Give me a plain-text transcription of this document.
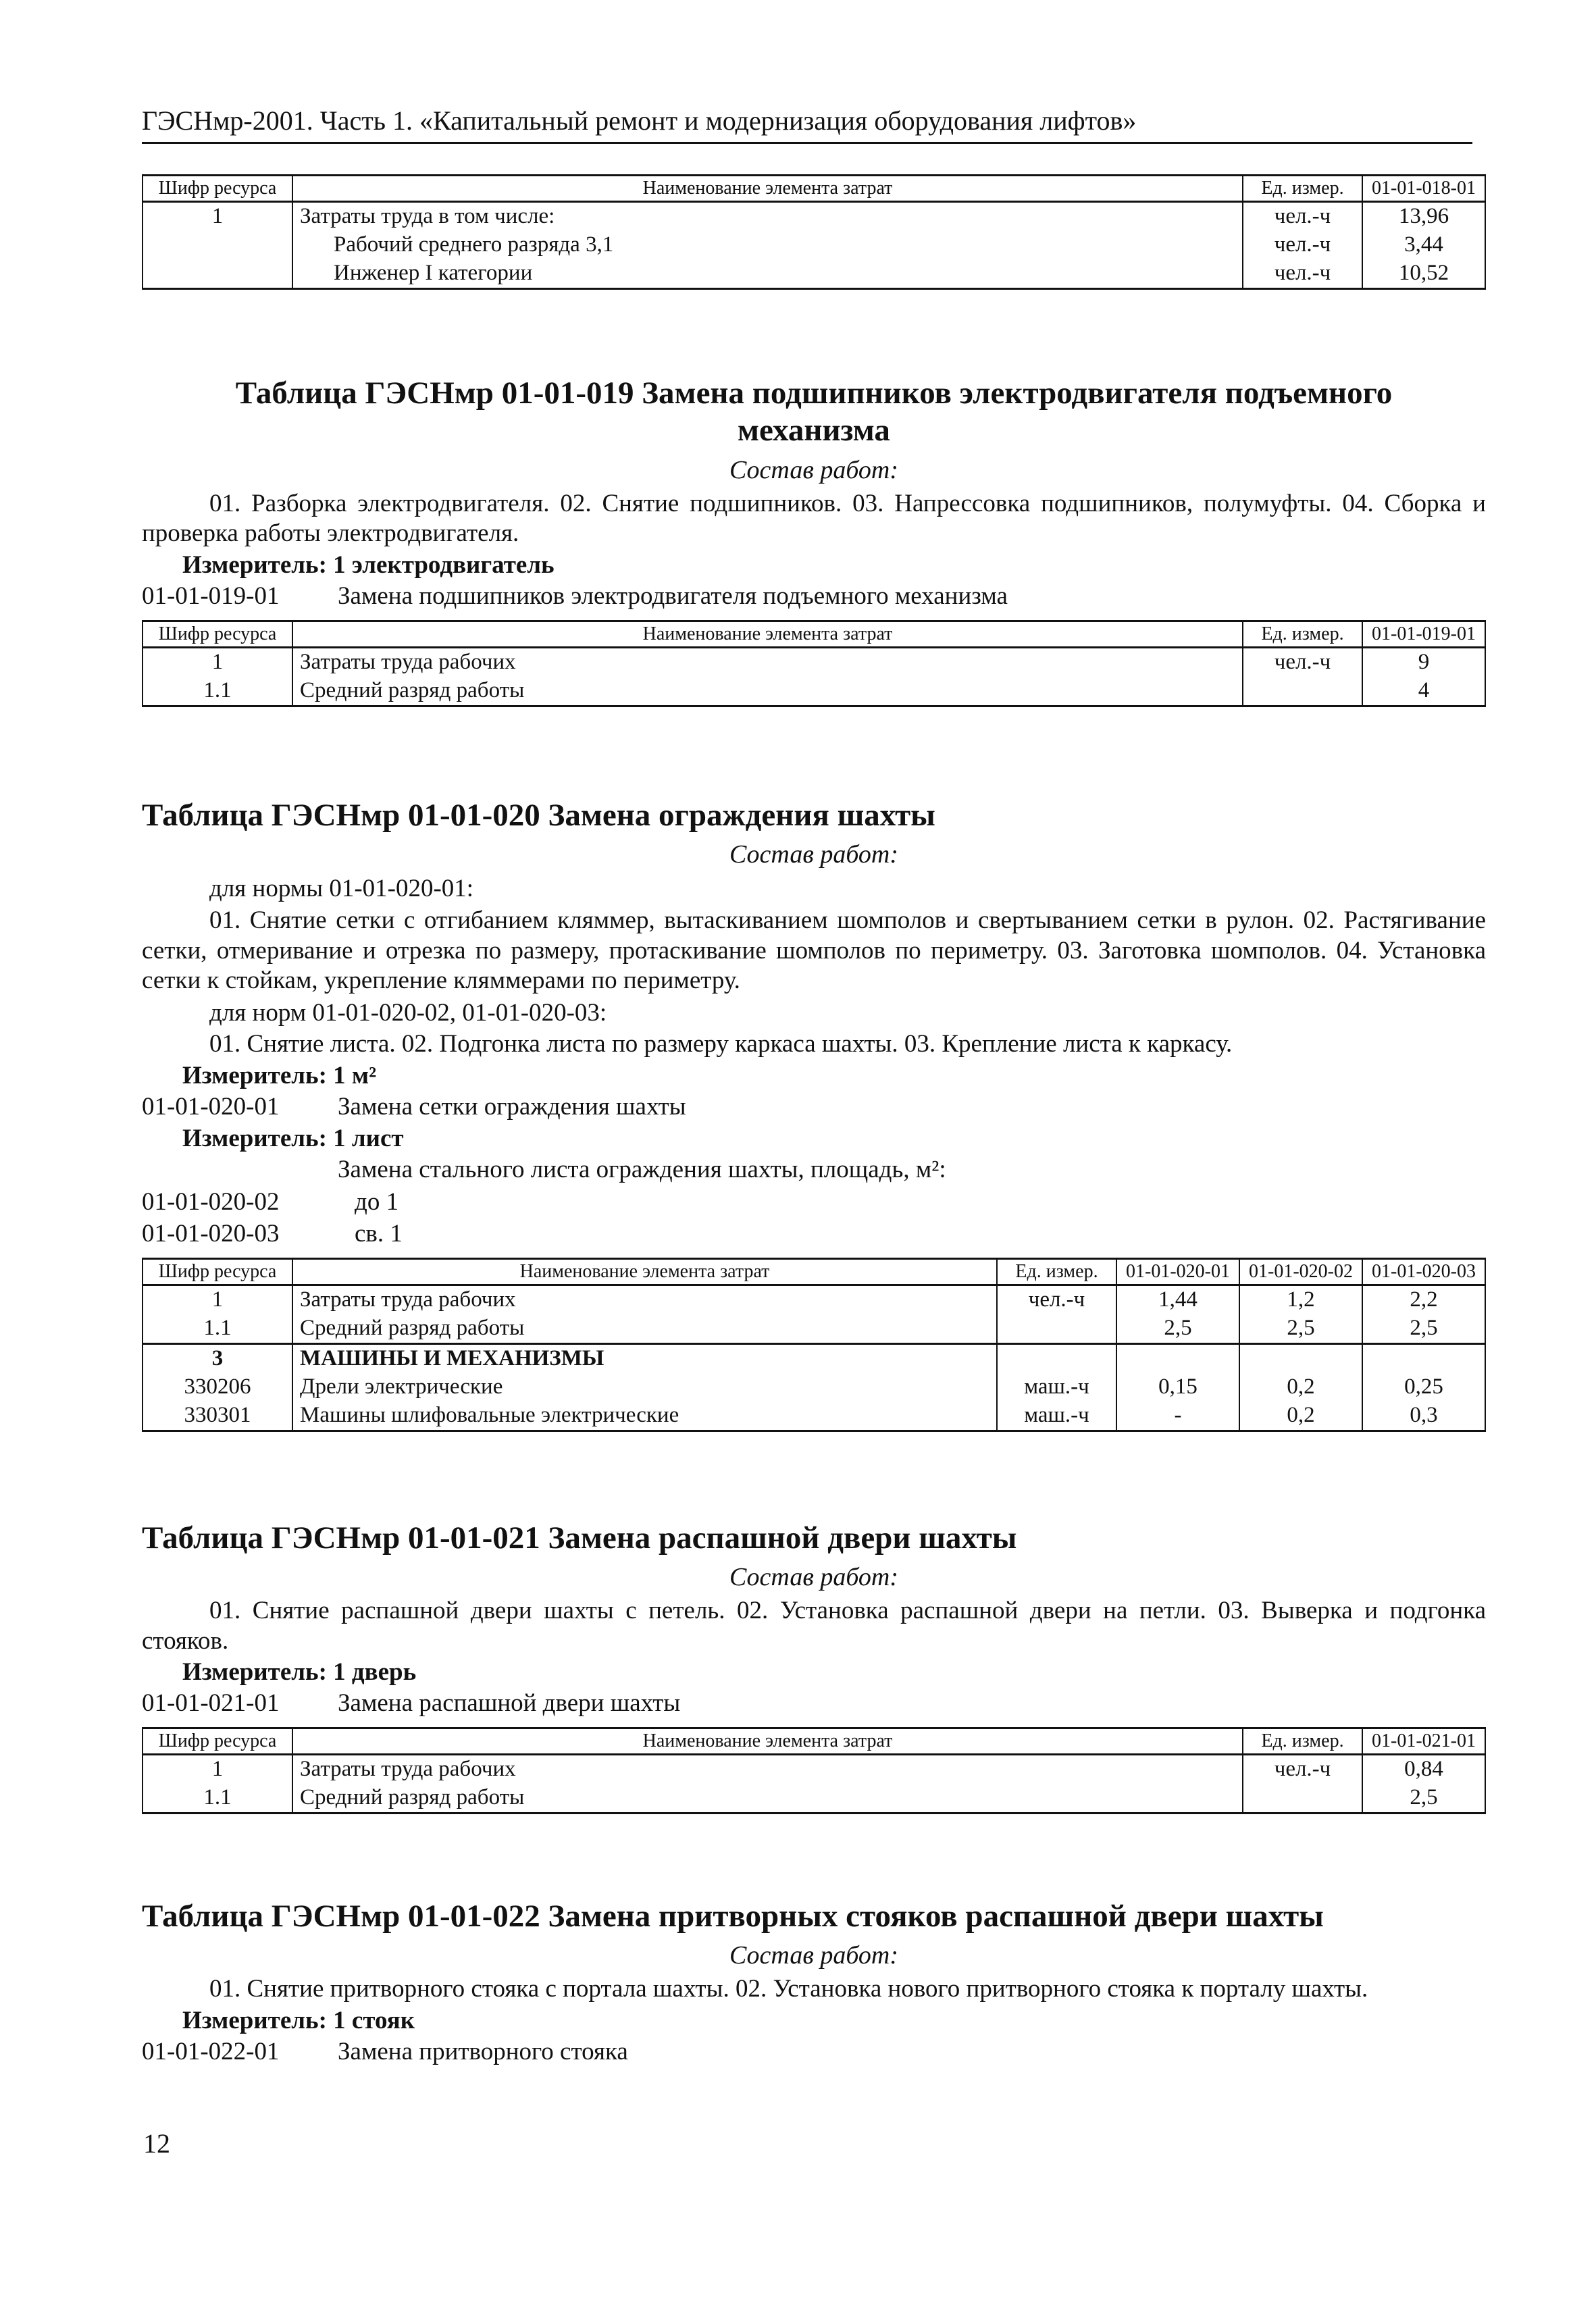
ГЭСНмр-2001. Часть 1. «Капитальный ремонт и модернизация оборудования лифтов»
Шифр ресурса	Наименование элемента затрат	Ед. измер.	01-01-018-01
1	Затраты труда в том числе:	чел.-ч	13,96
	Рабочий среднего разряда 3,1	чел.-ч	3,44
	Инженер I категории	чел.-ч	10,52
Таблица ГЭСНмр 01-01-019 Замена подшипников электродвигателя подъемного механизма
Состав работ:
01. Разборка электродвигателя. 02. Снятие подшипников. 03. Напрессовка подшипников, полумуфты. 04. Сборка и проверка работы электродвигателя.
Измеритель: 1 электродвигатель
01-01-019-01 Замена подшипников электродвигателя подъемного механизма
Шифр ресурса	Наименование элемента затрат	Ед. измер.	01-01-019-01
1	Затраты труда рабочих	чел.-ч	9
1.1	Средний разряд работы		4
Таблица ГЭСНмр 01-01-020 Замена ограждения шахты
Состав работ:
для нормы 01-01-020-01:
01. Снятие сетки с отгибанием кляммер, вытаскиванием шомполов и свертыванием сетки в рулон. 02. Растягивание сетки, отмеривание и отрезка по размеру, протаскивание шомполов по периметру. 03. Заготовка шомполов. 04. Установка сетки к стойкам, укрепление кляммерами по периметру.
для норм 01-01-020-02, 01-01-020-03:
01. Снятие листа. 02. Подгонка листа по размеру каркаса шахты. 03. Крепление листа к каркасу.
Измеритель: 1 м²
01-01-020-01 Замена сетки ограждения шахты
Измеритель: 1 лист
Замена стального листа ограждения шахты, площадь, м²:
01-01-020-02	до 1
01-01-020-03	св. 1
Шифр ресурса	Наименование элемента затрат	Ед. измер.	01-01-020-01	01-01-020-02	01-01-020-03
1	Затраты труда рабочих	чел.-ч	1,44	1,2	2,2
1.1	Средний разряд работы		2,5	2,5	2,5
3	МАШИНЫ И МЕХАНИЗМЫ				
330206	Дрели электрические	маш.-ч	0,15	0,2	0,25
330301	Машины шлифовальные электрические	маш.-ч	-	0,2	0,3
Таблица ГЭСНмр 01-01-021 Замена распашной двери шахты
Состав работ:
01. Снятие распашной двери шахты с петель. 02. Установка распашной двери на петли. 03. Выверка и подгонка стояков.
Измеритель: 1 дверь
01-01-021-01 Замена распашной двери шахты
Шифр ресурса	Наименование элемента затрат	Ед. измер.	01-01-021-01
1	Затраты труда рабочих	чел.-ч	0,84
1.1	Средний разряд работы		2,5
Таблица ГЭСНмр 01-01-022 Замена притворных стояков распашной двери шахты
Состав работ:
01. Снятие притворного стояка с портала шахты. 02. Установка нового притворного стояка к порталу шахты.
Измеритель: 1 стояк
01-01-022-01 Замена притворного стояка
12
